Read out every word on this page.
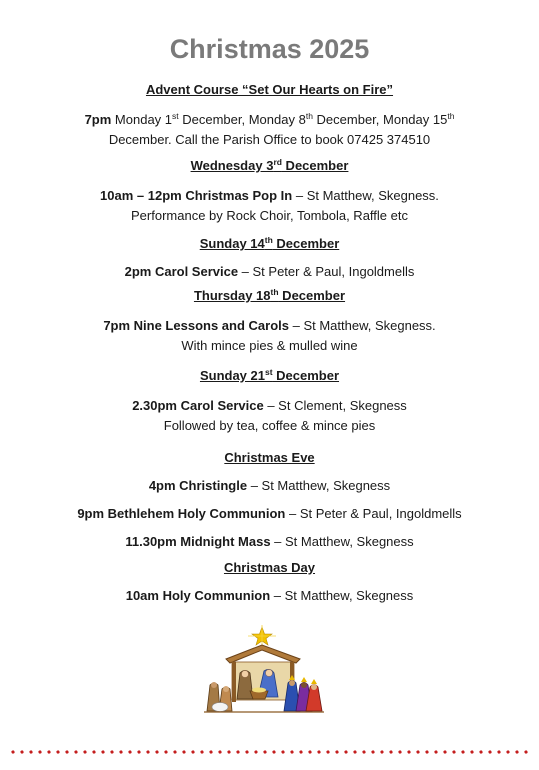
Christmas 2025
Advent Course “Set Our Hearts on Fire”
7pm Monday 1st December, Monday 8th December, Monday 15th
December. Call the Parish Office to book 07425 374510
Wednesday 3rd December
10am – 12pm Christmas Pop In – St Matthew, Skegness.
Performance by Rock Choir, Tombola, Raffle etc
Sunday 14th December
2pm Carol Service – St Peter & Paul, Ingoldmells
Thursday 18th December
7pm Nine Lessons and Carols – St Matthew, Skegness.
With mince pies & mulled wine
Sunday 21st December
2.30pm Carol Service – St Clement, Skegness
Followed by tea, coffee & mince pies
Christmas Eve
4pm Christingle – St Matthew, Skegness
9pm Bethlehem Holy Communion – St Peter & Paul, Ingoldmells
11.30pm Midnight Mass – St Matthew, Skegness
Christmas Day
10am Holy Communion – St Matthew, Skegness
